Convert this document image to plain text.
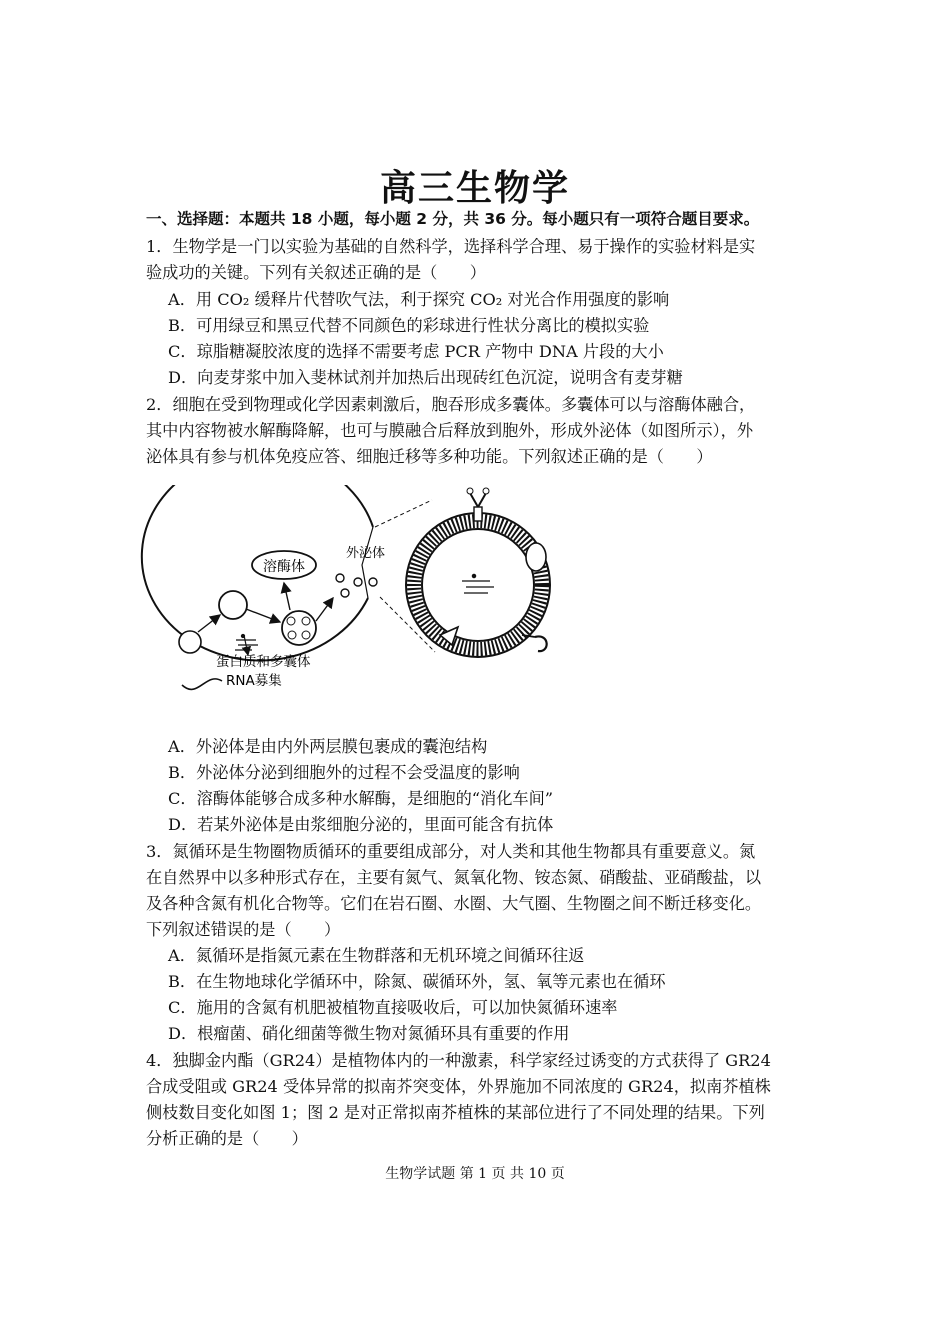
高三生物学
一、选择题：本题共 18 小题，每小题 2 分，共 36 分。每小题只有一项符合题目要求。
1．生物学是一门以实验为基础的自然科学，选择科学合理、易于操作的实验材料是实
验成功的关键。下列有关叙述正确的是（　　）
A．用 CO₂ 缓释片代替吹气法，利于探究 CO₂ 对光合作用强度的影响
B．可用绿豆和黑豆代替不同颜色的彩球进行性状分离比的模拟实验
C．琼脂糖凝胶浓度的选择不需要考虑 PCR 产物中 DNA 片段的大小
D．向麦芽浆中加入斐林试剂并加热后出现砖红色沉淀，说明含有麦芽糖
2．细胞在受到物理或化学因素刺激后，胞吞形成多囊体。多囊体可以与溶酶体融合，
其中内容物被水解酶降解，也可与膜融合后释放到胞外，形成外泌体（如图所示），外
泌体具有参与机体免疫应答、细胞迁移等多种功能。下列叙述正确的是（　　）
溶酶体
外泌体
蛋白质和多囊体
RNA募集
A．外泌体是由内外两层膜包裹成的囊泡结构
B．外泌体分泌到细胞外的过程不会受温度的影响
C．溶酶体能够合成多种水解酶，是细胞的“消化车间”
D．若某外泌体是由浆细胞分泌的，里面可能含有抗体
3．氮循环是生物圈物质循环的重要组成部分，对人类和其他生物都具有重要意义。氮
在自然界中以多种形式存在，主要有氮气、氮氧化物、铵态氮、硝酸盐、亚硝酸盐，以
及各种含氮有机化合物等。它们在岩石圈、水圈、大气圈、生物圈之间不断迁移变化。
下列叙述错误的是（　　）
A．氮循环是指氮元素在生物群落和无机环境之间循环往返
B．在生物地球化学循环中，除氮、碳循环外，氢、氧等元素也在循环
C．施用的含氮有机肥被植物直接吸收后，可以加快氮循环速率
D．根瘤菌、硝化细菌等微生物对氮循环具有重要的作用
4．独脚金内酯（GR24）是植物体内的一种激素，科学家经过诱变的方式获得了 GR24
合成受阻或 GR24 受体异常的拟南芥突变体，外界施加不同浓度的 GR24，拟南芥植株
侧枝数目变化如图 1；图 2 是对正常拟南芥植株的某部位进行了不同处理的结果。下列
分析正确的是（　　）
生物学试题 第 1 页 共 10 页
